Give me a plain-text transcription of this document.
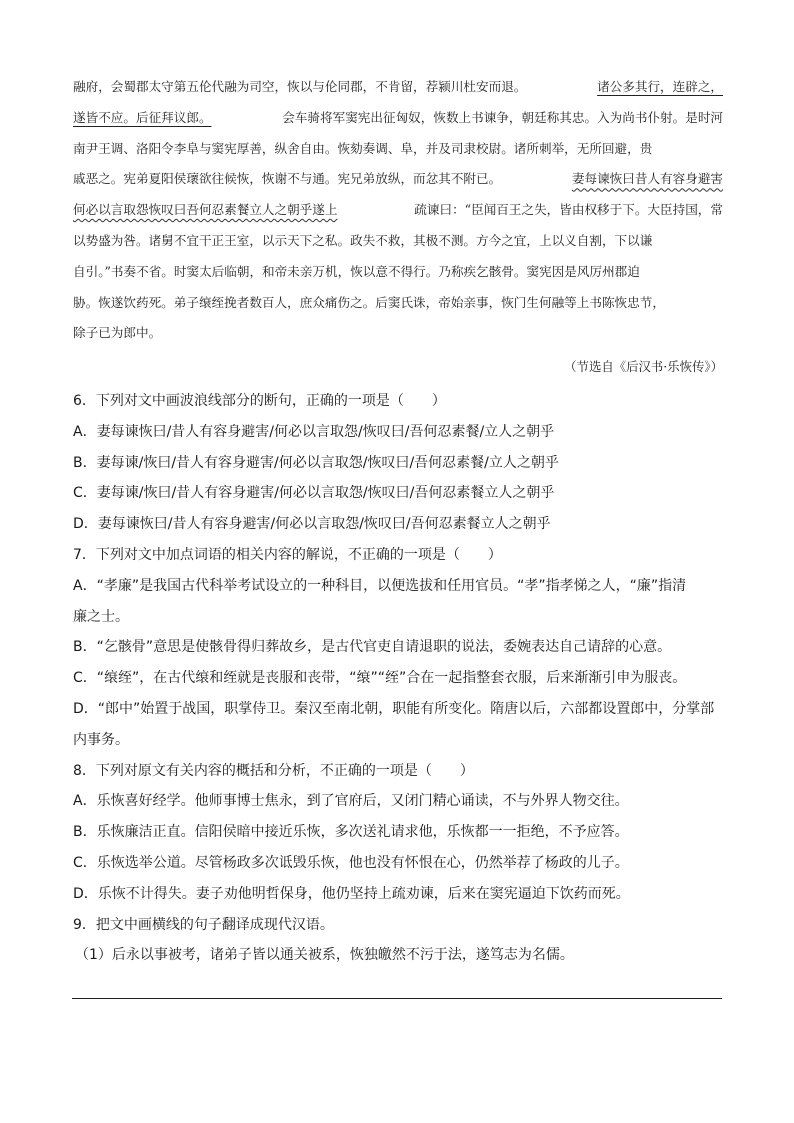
融府，会蜀郡太守第五伦代融为司空，恢以与伦同郡，不肯留，荐颍川杜安而退。	诸公多其行，连辟之，
遂皆不应。后征拜议郎。	会车骑将军窦宪出征匈奴，恢数上书谏争，朝廷称其忠。入为尚书仆射。是时河
南尹王调、洛阳令李阜与窦宪厚善，纵舍自由。恢劾奏调、阜，并及司隶校尉。诸所刺举，无所回避，贵
戚恶之。宪弟夏阳侯瓌欲往候恢，恢谢不与通。宪兄弟放纵，而忿其不附已。	妻每谏恢曰昔人有容身避害
何必以言取怨恢叹曰吾何忍素餐立人之朝乎遂上	疏谏曰：“臣闻百王之失，皆由权移于下。大臣持国，常
以势盛为咎。诸舅不宜干正王室，以示天下之私。政失不救，其极不测。方今之宜，上以义自割，下以谦
自引。”书奏不省。时窦太后临朝，和帝未亲万机，恢以意不得行。乃称疾乞骸骨。窦宪因是风厉州郡迫
胁。恢遂饮药死。弟子缞绖挽者数百人，庶众痛伤之。后窦氏诛，帝始亲事，恢门生何融等上书陈恢忠节，
除子已为郎中。
（节选自《后汉书·乐恢传》）
6．下列对文中画波浪线部分的断句，正确的一项是（　　）
A．妻每谏恢曰/昔人有容身避害/何必以言取怨/恢叹曰/吾何忍素餐/立人之朝乎
B．妻每谏/恢曰/昔人有容身避害/何必以言取怨/恢叹曰/吾何忍素餐/立人之朝乎
C．妻每谏/恢曰/昔人有容身避害/何必以言取怨/恢叹曰/吾何忍素餐立人之朝乎
D．妻每谏恢曰/昔人有容身避害/何必以言取怨/恢叹曰/吾何忍素餐立人之朝乎
7．下列对文中加点词语的相关内容的解说，不正确的一项是（　　）
A．“孝廉”是我国古代科举考试设立的一种科目，以便选拔和任用官员。“孝”指孝悌之人，“廉”指清
廉之士。
B．“乞骸骨”意思是使骸骨得归葬故乡，是古代官吏自请退职的说法，委婉表达自己请辞的心意。
C．“缞绖”，在古代缞和绖就是丧服和丧带，“缞”“绖”合在一起指整套衣服，后来渐渐引申为服丧。
D．“郎中”始置于战国，职掌侍卫。秦汉至南北朝，职能有所变化。隋唐以后，六部都设置郎中，分掌部
内事务。
8．下列对原文有关内容的概括和分析，不正确的一项是（　　）
A．乐恢喜好经学。他师事博士焦永，到了官府后，又闭门精心诵读，不与外界人物交往。
B．乐恢廉洁正直。信阳侯暗中接近乐恢，多次送礼请求他，乐恢都一一拒绝，不予应答。
C．乐恢选举公道。尽管杨政多次诋毁乐恢，他也没有怀恨在心，仍然举荐了杨政的儿子。
D．乐恢不计得失。妻子劝他明哲保身，他仍坚持上疏劝谏，后来在窦宪逼迫下饮药而死。
9．把文中画横线的句子翻译成现代汉语。
（1）后永以事被考，诸弟子皆以通关被系，恢独皦然不污于法，遂笃志为名儒。
